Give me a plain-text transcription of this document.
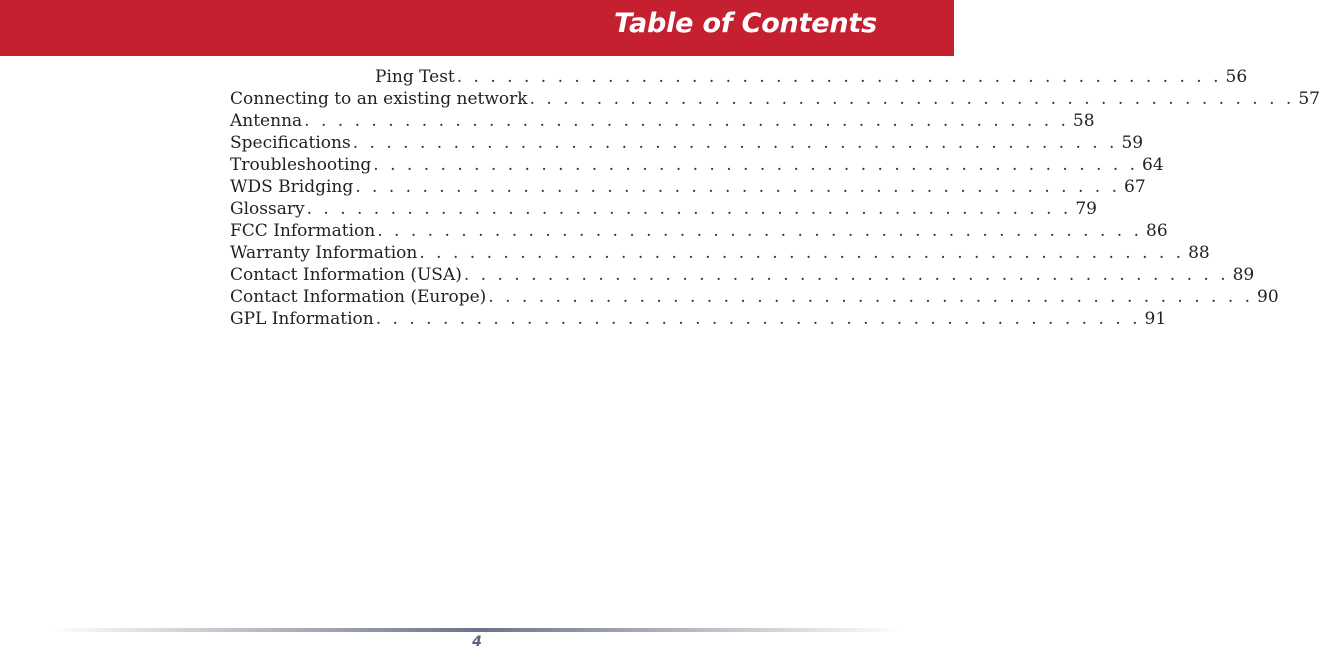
Table of Contents
Ping Test . . . . . . . . . . . . . . . . . . . . . . . . . . . . . . . . . . . . . . . . . . . . . . 56
Connecting to an existing network . . . . . . . . . . . . . . . . . . . . . . . . . . . . . . . . . . . . . . . . . . . . . . 57
Antenna . . . . . . . . . . . . . . . . . . . . . . . . . . . . . . . . . . . . . . . . . . . . . . 58
Specifications . . . . . . . . . . . . . . . . . . . . . . . . . . . . . . . . . . . . . . . . . . . . . . 59
Troubleshooting . . . . . . . . . . . . . . . . . . . . . . . . . . . . . . . . . . . . . . . . . . . . . . 64
WDS Bridging . . . . . . . . . . . . . . . . . . . . . . . . . . . . . . . . . . . . . . . . . . . . . . 67
Glossary . . . . . . . . . . . . . . . . . . . . . . . . . . . . . . . . . . . . . . . . . . . . . . 79
FCC Information . . . . . . . . . . . . . . . . . . . . . . . . . . . . . . . . . . . . . . . . . . . . . . 86
Warranty Information . . . . . . . . . . . . . . . . . . . . . . . . . . . . . . . . . . . . . . . . . . . . . . 88
Contact Information (USA) . . . . . . . . . . . . . . . . . . . . . . . . . . . . . . . . . . . . . . . . . . . . . . 89
Contact Information (Europe) . . . . . . . . . . . . . . . . . . . . . . . . . . . . . . . . . . . . . . . . . . . . . . 90
GPL Information . . . . . . . . . . . . . . . . . . . . . . . . . . . . . . . . . . . . . . . . . . . . . . 91
4
